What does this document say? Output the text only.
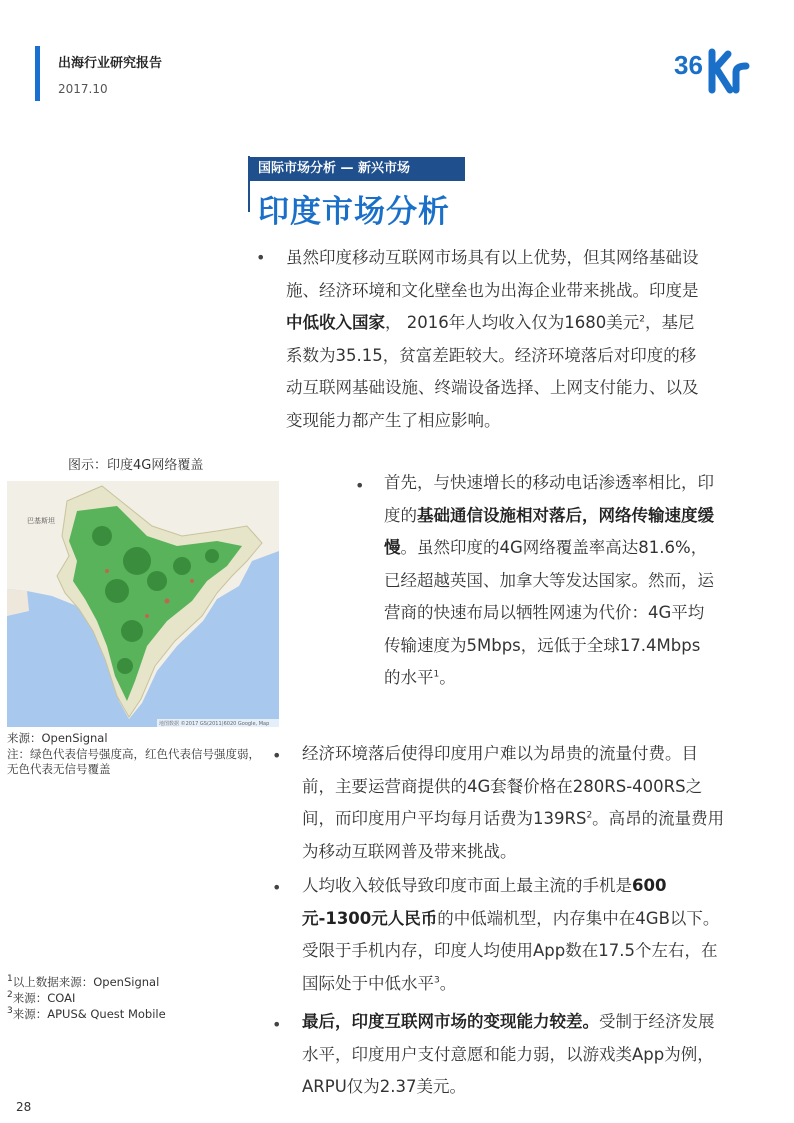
出海行业研究报告
2017.10
36
国际市场分析 — 新兴市场
印度市场分析
• 虽然印度移动互联网市场具有以上优势，但其网络基础设施、经济环境和文化壁垒也为出海企业带来挑战。印度是中低收入国家， 2016年人均收入仅为1680美元$^2$，基尼系数为35.15，贫富差距较大。经济环境落后对印度的移动互联网基础设施、终端设备选择、上网支付能力、以及变现能力都产生了相应影响。
图示：印度4G网络覆盖
巴基斯坦
地图数据 ©2017 GS(2011)6020 Google, Map
来源：OpenSignal
注：绿色代表信号强度高，红色代表信号强度弱，无色代表无信号覆盖
• 首先，与快速增长的移动电话渗透率相比，印度的基础通信设施相对落后，网络传输速度缓慢。虽然印度的4G网络覆盖率高达81.6%，已经超越英国、加拿大等发达国家。然而，运营商的快速布局以牺牲网速为代价：4G平均传输速度为5Mbps，远低于全球17.4Mbps的水平$^1$。
• 经济环境落后使得印度用户难以为昂贵的流量付费。目前，主要运营商提供的4G套餐价格在280RS-400RS之间，而印度用户平均每月话费为$139RS^2$。高昂的流量费用为移动互联网普及带来挑战。
• 人均收入较低导致印度市面上最主流的手机是600元-1300元人民币的中低端机型，内存集中在4GB以下。受限于手机内存，印度人均使用App数在17.5个左右，在国际处于中低水平$^3$。
• 最后，印度互联网市场的变现能力较差。受制于经济发展水平，印度用户支付意愿和能力弱，以游戏类App为例，ARPU仅为2.37美元。
$^1$以上数据来源：OpenSignal
$^2$来源：COAI
$^3$来源：APUS& Quest Mobile
28
